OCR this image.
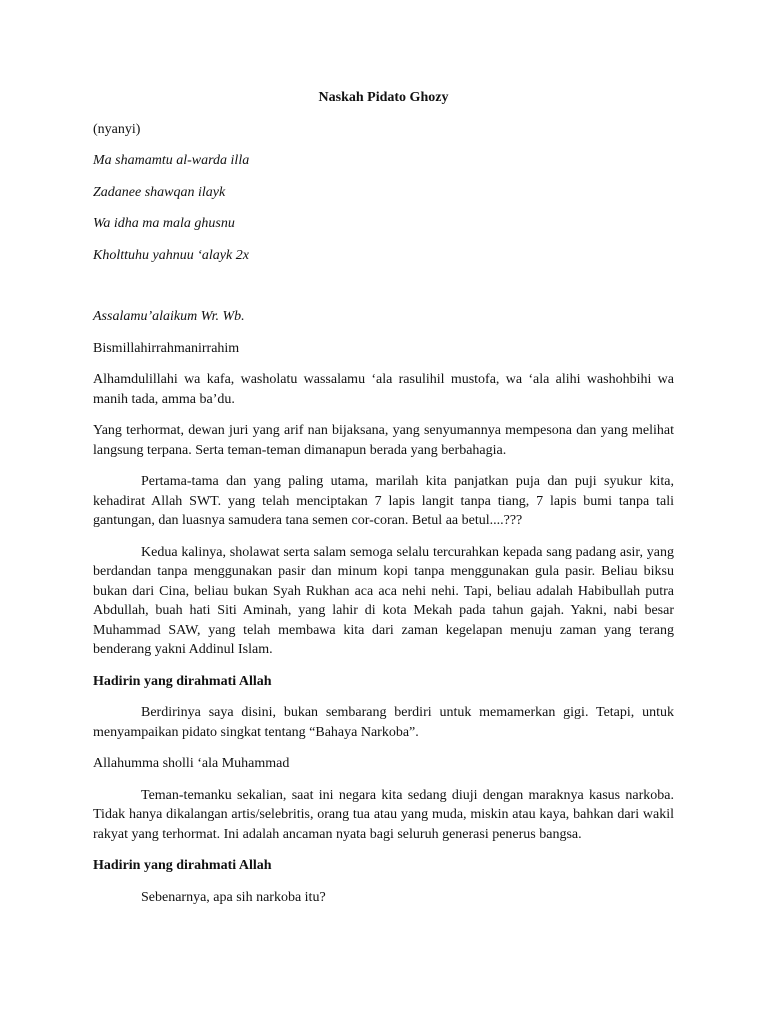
Naskah Pidato Ghozy

(nyanyi)

Ma shamamtu al-warda illa

Zadanee shawqan ilayk

Wa idha ma mala ghusnu

Kholttuhu yahnuu ‘alayk 2x

Assalamu’alaikum Wr. Wb.

Bismillahirrahmanirrahim

Alhamdulillahi wa kafa, washolatu wassalamu ‘ala rasulihil mustofa, wa ‘ala alihi washohbihi wa manih tada, amma ba’du.

Yang terhormat, dewan juri yang arif nan bijaksana, yang senyumannya mempesona dan yang melihat langsung terpana. Serta teman-teman dimanapun berada yang berbahagia.

Pertama-tama dan yang paling utama, marilah kita panjatkan puja dan puji syukur kita, kehadirat Allah SWT. yang telah menciptakan 7 lapis langit tanpa tiang, 7 lapis bumi tanpa tali gantungan, dan luasnya samudera tana semen cor-coran. Betul aa betul....???

Kedua kalinya, sholawat serta salam semoga selalu tercurahkan kepada sang padang asir, yang berdandan tanpa menggunakan pasir dan minum kopi tanpa menggunakan gula pasir. Beliau biksu bukan dari Cina, beliau bukan Syah Rukhan aca aca nehi nehi. Tapi, beliau adalah Habibullah putra Abdullah, buah hati Siti Aminah, yang lahir di kota Mekah pada tahun gajah. Yakni, nabi besar Muhammad SAW, yang telah membawa kita dari zaman kegelapan menuju zaman yang terang benderang yakni Addinul Islam.

Hadirin yang dirahmati Allah

Berdirinya saya disini, bukan sembarang berdiri untuk memamerkan gigi. Tetapi, untuk menyampaikan pidato singkat tentang “Bahaya Narkoba”.

Allahumma sholli ‘ala Muhammad

Teman-temanku sekalian, saat ini negara kita sedang diuji dengan maraknya kasus narkoba. Tidak hanya dikalangan artis/selebritis, orang tua atau yang muda, miskin atau kaya, bahkan dari wakil rakyat yang terhormat. Ini adalah ancaman nyata bagi seluruh generasi penerus bangsa.

Hadirin yang dirahmati Allah

Sebenarnya, apa sih narkoba itu?
